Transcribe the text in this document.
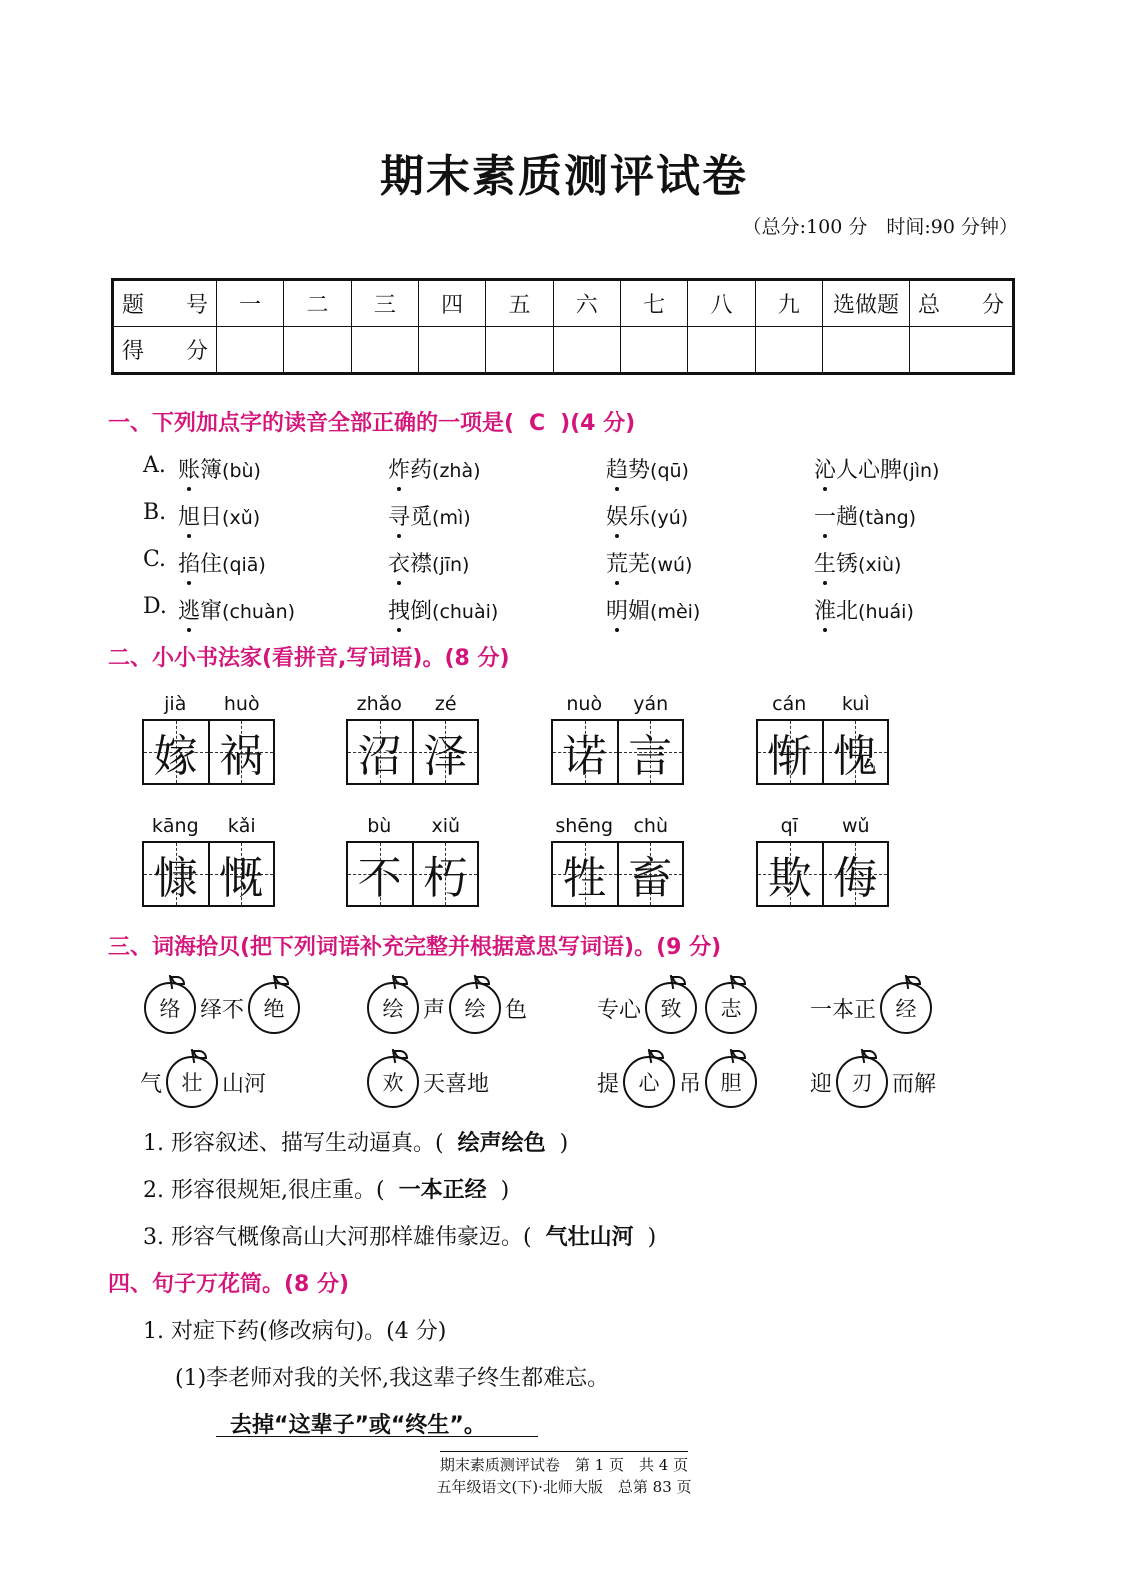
期末素质测评试卷
（总分:100 分　时间:90 分钟）
题　号	一	二	三	四	五	六	七	八	九	选做题	总　分
得　分											
一、下列加点字的读音全部正确的一项是( C )(4 分)
A. 账簿(bù)	炸药(zhà)	趋势(qū)	沁人心脾(jìn)
B. 旭日(xǔ)	寻觅(mì)	娱乐(yú)	一趟(tàng)
C. 掐住(qiā)	衣襟(jīn)	荒芜(wú)	生锈(xiù)
D. 逃窜(chuàn)	拽倒(chuài)	明媚(mèi)	淮北(huái)
二、小小书法家(看拼音,写词语)。(8 分)
jià	huò
嫁 祸
zhǎo	zé
沼 泽
nuò	yán
诺 言
cán	kuì
惭 愧
kāng	kǎi
慷 慨
bù	xiǔ
不 朽
shēng	chù
牲 畜
qī	wǔ
欺 侮
三、词海拾贝(把下列词语补充完整并根据意思写词语)。(9 分)
络 绎不 绝	绘 声 绘 色	专心 致	志	一本正 经
气 壮 山河	欢 天喜地	提 心 吊 胆	迎 刃 而解
1. 形容叙述、描写生动逼真。( 绘声绘色 )
2. 形容很规矩,很庄重。( 一本正经 )
3. 形容气概像高山大河那样雄伟豪迈。( 气壮山河 )
四、句子万花筒。(8 分)
1. 对症下药(修改病句)。(4 分)
(1)李老师对我的关怀,我这辈子终生都难忘。
去掉“这辈子”或“终生”。
期末素质测评试卷　第 1 页　共 4 页
五年级语文(下)·北师大版　总第 83 页
